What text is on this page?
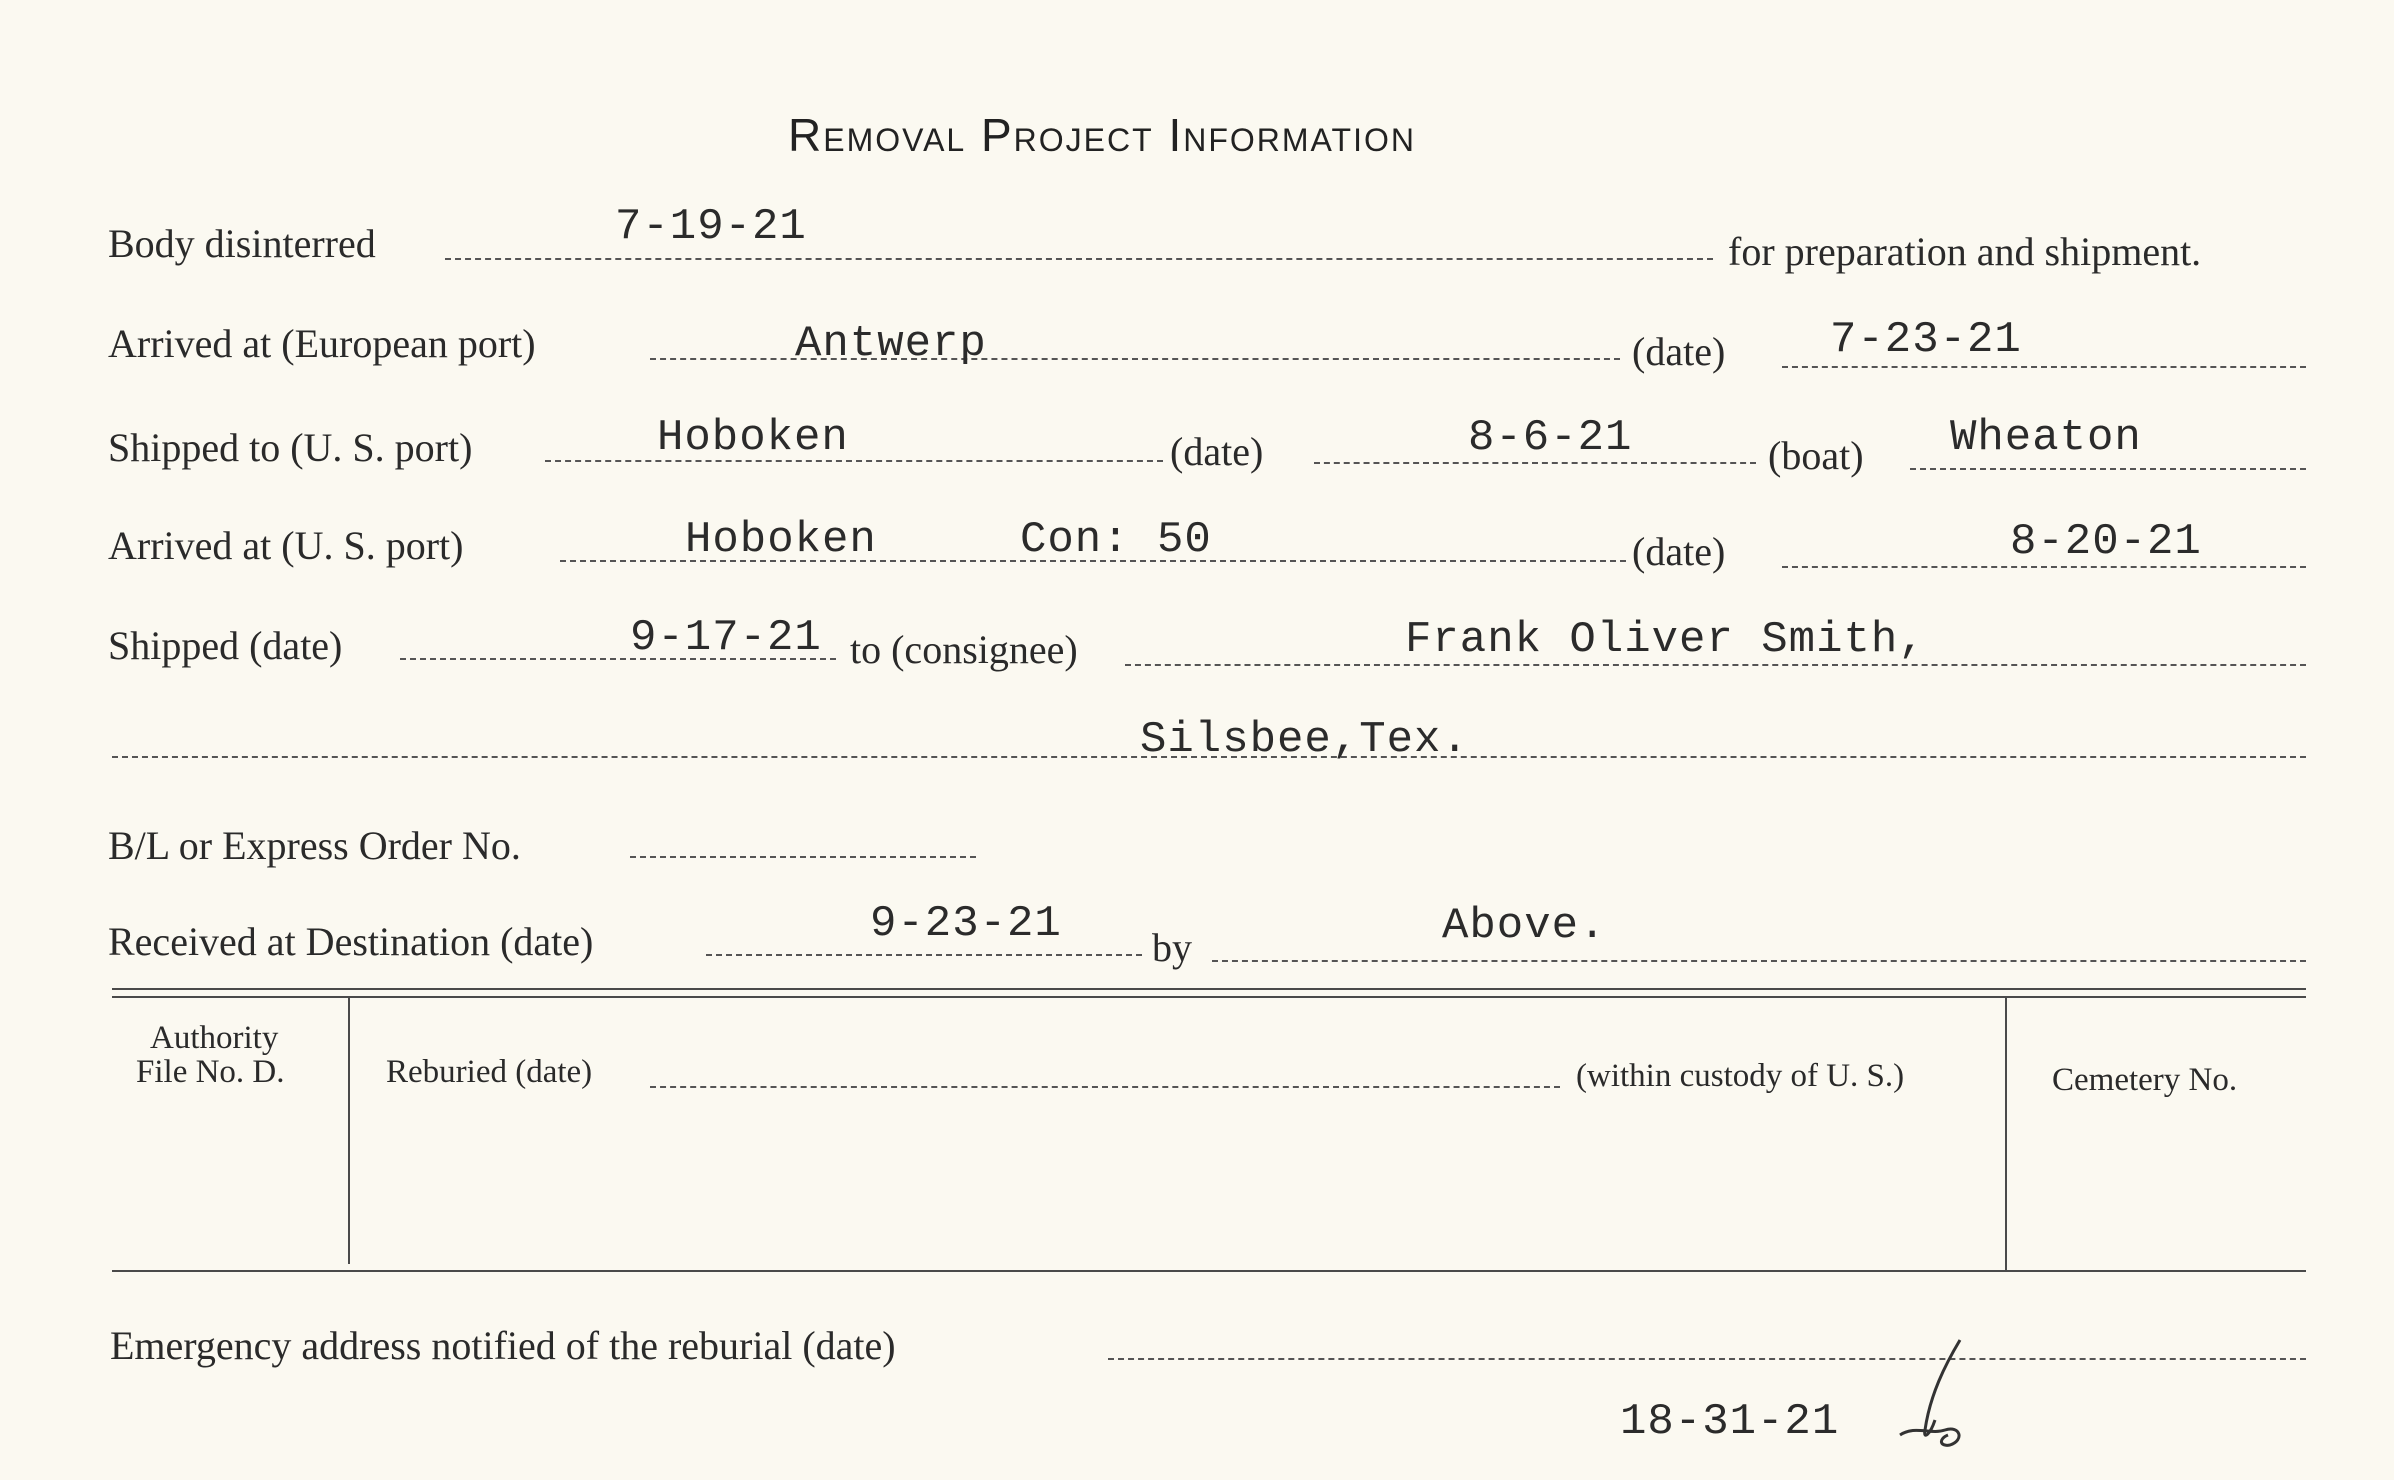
Removal Project Information
Body disinterred	7-19-21	for preparation and shipment.
Arrived at (European port)	Antwerp	(date) 7-23-21
Shipped to (U. S. port)	Hoboken	(date)	8-6-21	(boat) Wheaton
Arrived at (U. S. port)	Hoboken	Con: 50	(date)	8-20-21
Shipped (date)	9-17-21 to (consignee)	Frank Oliver Smith,
Silsbee,Tex.
B/L or Express Order No.
Received at Destination (date)	9-23-21 by	Above.
Authority
File No. D.	Reburied (date)	(within custody of U. S.)	Cemetery No.
Emergency address notified of the reburial (date)
18-31-21
